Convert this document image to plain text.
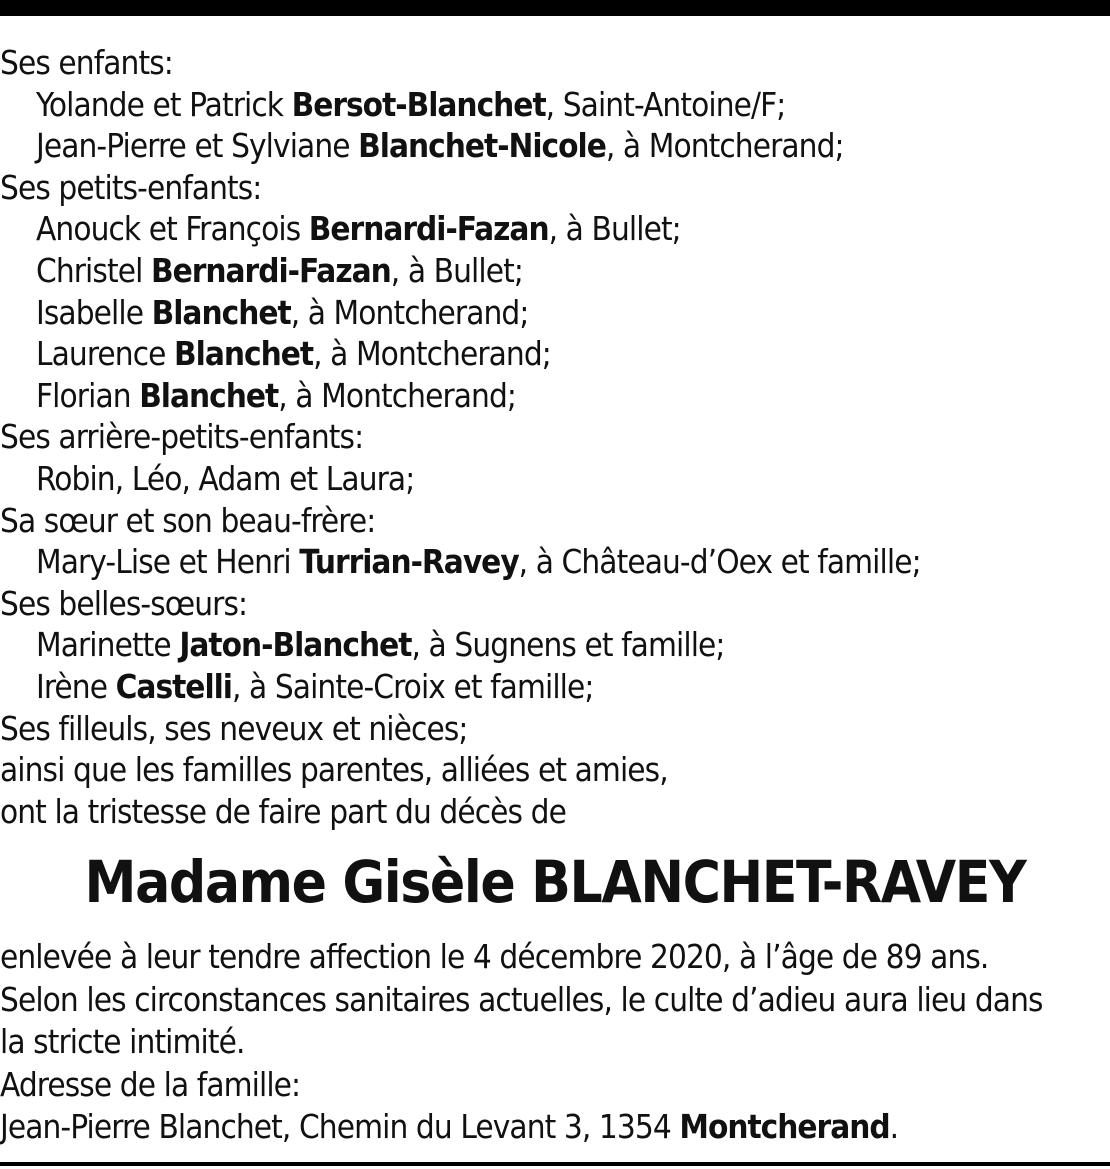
Ses enfants:
Yolande et Patrick Bersot-Blanchet, Saint-Antoine/F;
Jean-Pierre et Sylviane Blanchet-Nicole, à Montcherand;
Ses petits-enfants:
Anouck et François Bernardi-Fazan, à Bullet;
Christel Bernardi-Fazan, à Bullet;
Isabelle Blanchet, à Montcherand;
Laurence Blanchet, à Montcherand;
Florian Blanchet, à Montcherand;
Ses arrière-petits-enfants:
Robin, Léo, Adam et Laura;
Sa sœur et son beau-frère:
Mary-Lise et Henri Turrian-Ravey, à Château-d’Oex et famille;
Ses belles-sœurs:
Marinette Jaton-Blanchet, à Sugnens et famille;
Irène Castelli, à Sainte-Croix et famille;
Ses filleuls, ses neveux et nièces;
ainsi que les familles parentes, alliées et amies,
ont la tristesse de faire part du décès de
Madame Gisèle BLANCHET-RAVEY
enlevée à leur tendre affection le 4 décembre 2020, à l’âge de 89 ans.
Selon les circonstances sanitaires actuelles, le culte d’adieu aura lieu dans
la stricte intimité.
Adresse de la famille:
Jean-Pierre Blanchet, Chemin du Levant 3, 1354 Montcherand.
